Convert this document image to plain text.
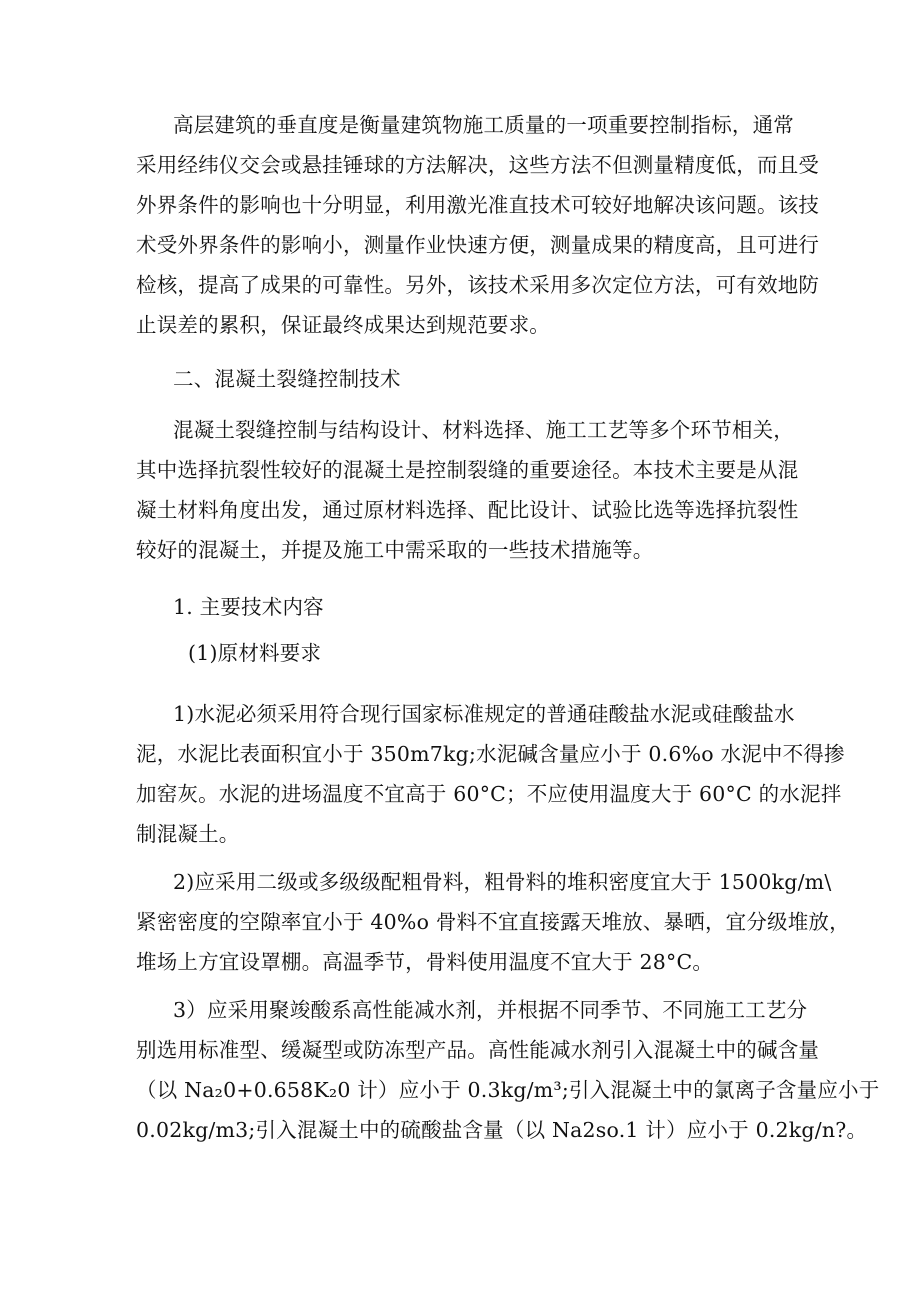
高层建筑的垂直度是衡量建筑物施工质量的一项重要控制指标，通常
采用经纬仪交会或悬挂锤球的方法解决，这些方法不但测量精度低，而且受
外界条件的影响也十分明显，利用激光准直技术可较好地解决该问题。该技
术受外界条件的影响小，测量作业快速方便，测量成果的精度高，且可进行
检核，提高了成果的可靠性。另外，该技术采用多次定位方法，可有效地防
止误差的累积，保证最终成果达到规范要求。
二、混凝土裂缝控制技术
混凝土裂缝控制与结构设计、材料选择、施工工艺等多个环节相关，
其中选择抗裂性较好的混凝土是控制裂缝的重要途径。本技术主要是从混
凝土材料角度出发，通过原材料选择、配比设计、试验比选等选择抗裂性
较好的混凝土，并提及施工中需采取的一些技术措施等。
1. 主要技术内容
(1)原材料要求
1)水泥必须采用符合现行国家标准规定的普通硅酸盐水泥或硅酸盐水
泥，水泥比表面积宜小于 350m7kg;水泥碱含量应小于 0.6%o 水泥中不得掺
加窑灰。水泥的进场温度不宜高于 60°C；不应使用温度大于 60°C 的水泥拌
制混凝土。
2)应采用二级或多级级配粗骨料，粗骨料的堆积密度宜大于 1500kg∕m\
紧密密度的空隙率宜小于 40%o 骨料不宜直接露天堆放、暴晒，宜分级堆放，
堆场上方宜设罩棚。高温季节，骨料使用温度不宜大于 28°C。
3）应采用聚竣酸系高性能减水剂，并根据不同季节、不同施工工艺分
别选用标准型、缓凝型或防冻型产品。高性能减水剂引入混凝土中的碱含量
（以 Na₂0+0.658K₂0 计）应小于 0.3kg∕m³;引入混凝土中的氯离子含量应小于
0.02kg∕m3;引入混凝土中的硫酸盐含量（以 Na2so.1 计）应小于 0.2kg/n?。
